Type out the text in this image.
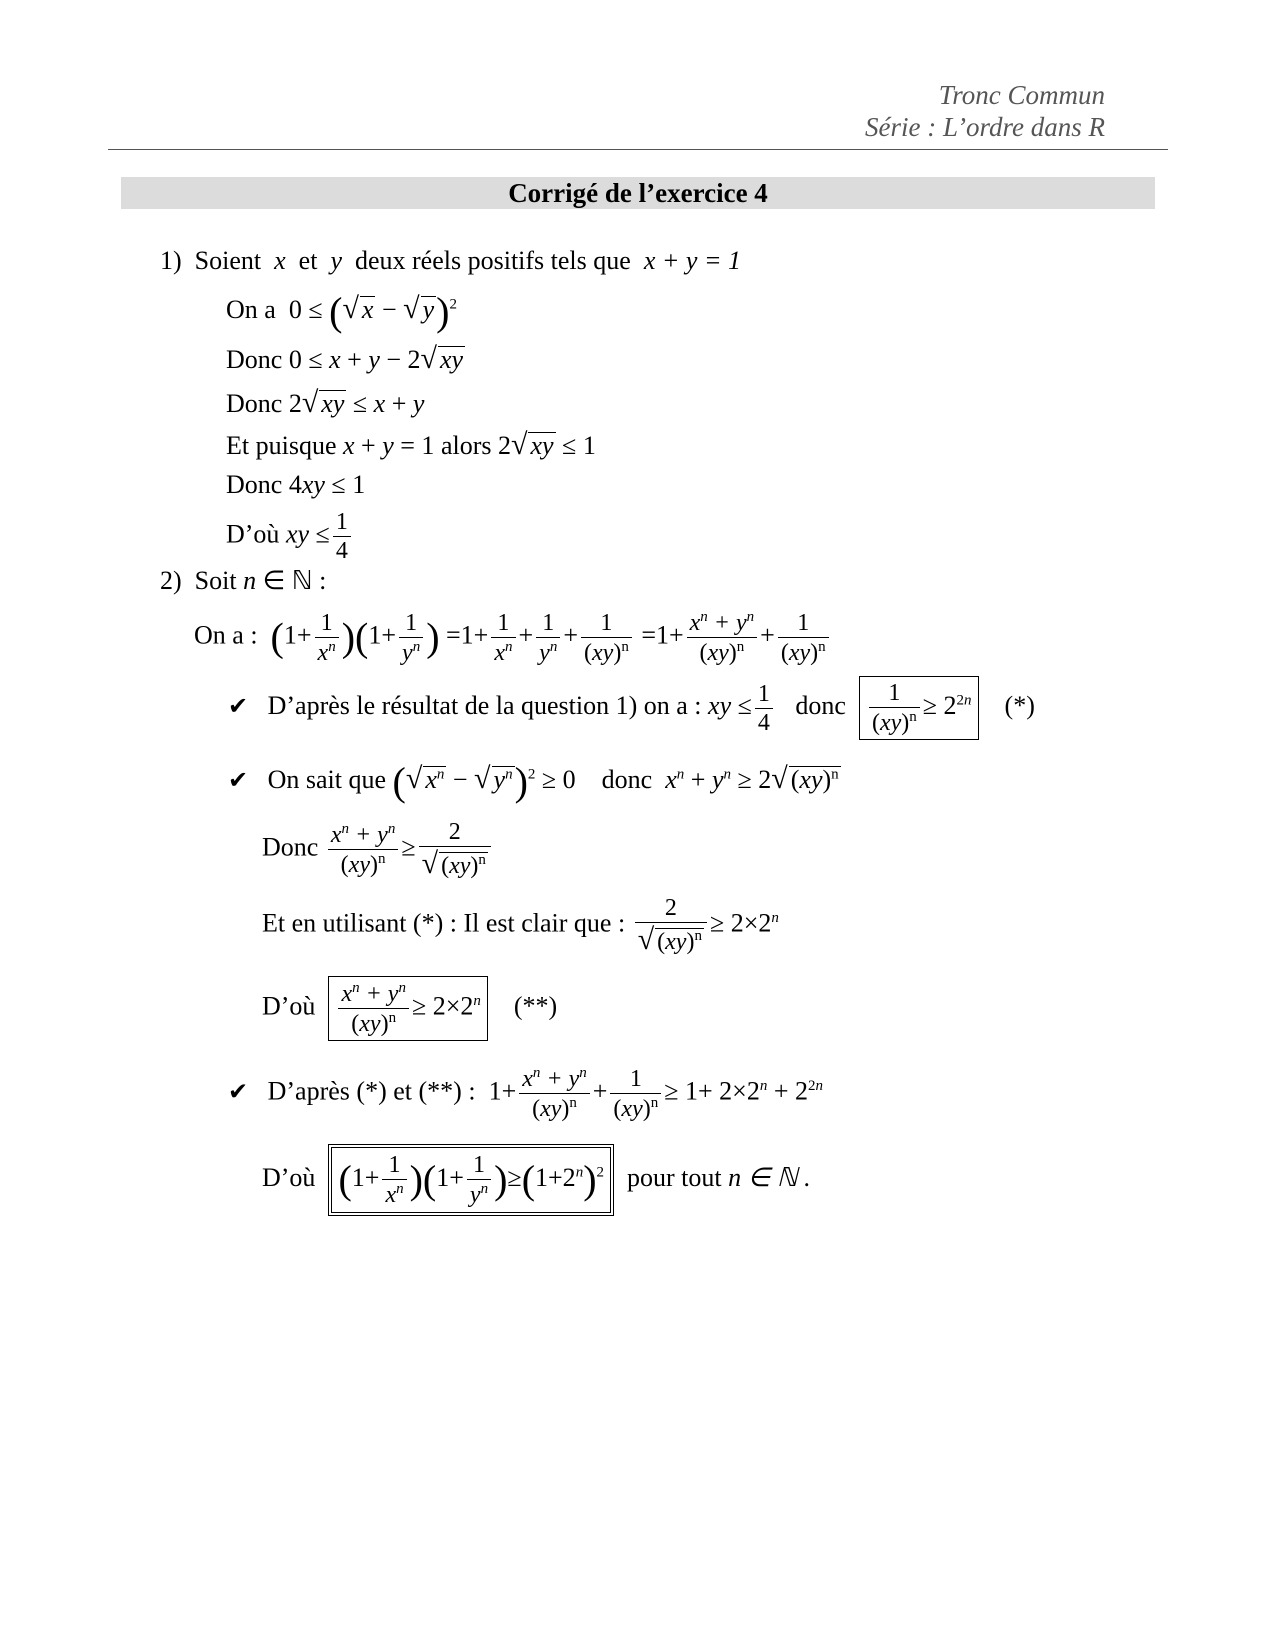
Tronc Commun
Série : L’ordre dans R
Corrigé de l’exercice 4
1) Soient x et y deux réels positifs tels que x + y = 1
On a  0 ≤ (√ x − √ y)$^2$
Donc 0 ≤ x + y − 2√ xy
Donc 2√ xy ≤ x + y
Et puisque x + y = 1 alors 2√ xy ≤ 1
Donc 4xy ≤ 1
D’où xy ≤ $\frac{1}{4}$
2) Soit n ∈ ℕ :
On a : $(1+ \frac{1}{x^n} )(1+ \frac{1}{y^n}$ ) $=1+ \frac{1}{x^n} + \frac{1}{y^n} + \frac{1}{(xy)^n} =1+ \frac{x^n + y^n}{(xy)^n} + \frac{1}{(xy)^n}$
✔ D’après le résultat de la question 1) on a : xy ≤ $\frac{1}{4}$ donc $\frac{1}{(xy)^n} \ge 2^{2n}$ (*)
✔ On sait que (√ $x^n$ − √ $y^n)^2 \ge 0$    donc $x^n + y^n \ge 2√$ (xy)$^n$
Donc $\frac{x^n + y^n}{(xy)^n} \ge \frac{2}{√ (xy)^n}$
Et en utilisant (*) : Il est clair que : $\frac{2}{√ (xy)^n} \ge 2\times 2^n$
D’où $\frac{x^n + y^n}{(xy)^n} \ge 2\times 2^n$ (**)
✔ D’après (*) et (**) :  $1+ \frac{x^n + y^n}{(xy)^n} + \frac{1}{(xy)^n} \ge 1+ 2\times 2^n + 2^{2n}$
D’où $(1+ \frac{1}{x^n} )(1+ \frac{1}{y^n} )\ge(1+2^n)^2$ pour tout n ∈ ℕ .
